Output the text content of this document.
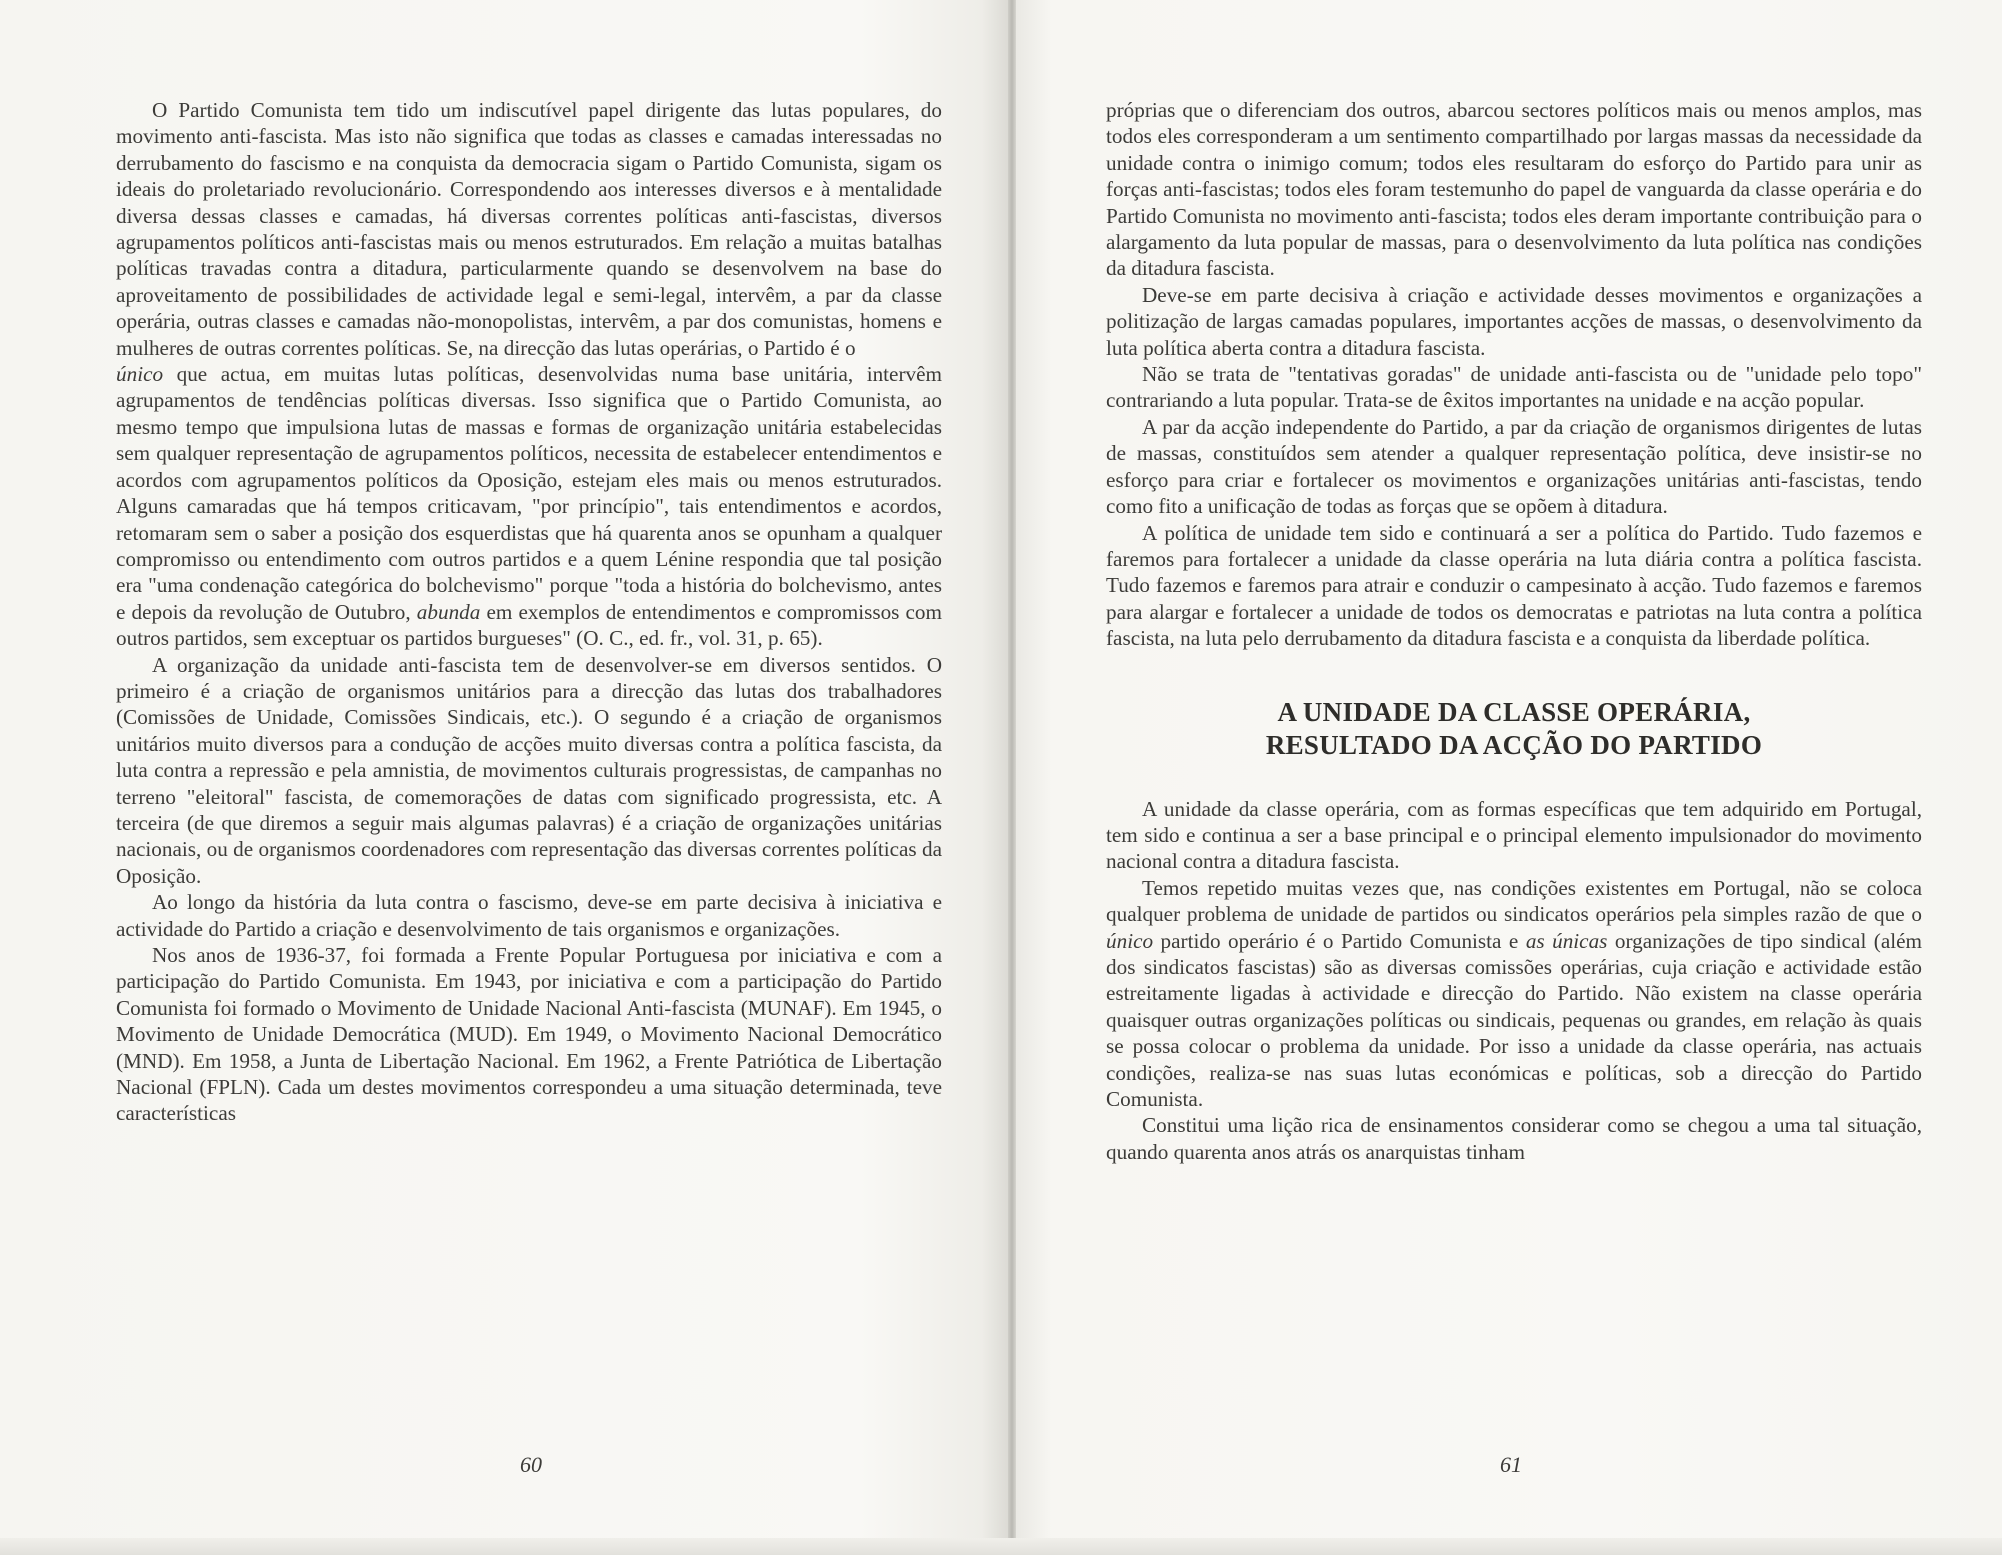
O Partido Comunista tem tido um indiscutível papel dirigente das lutas populares, do movimento anti-fascista. Mas isto não significa que todas as classes e camadas interessadas no derrubamento do fascismo e na conquista da democracia sigam o Partido Comunista, sigam os ideais do proletariado revolucionário. Correspondendo aos interesses diversos e à mentalidade diversa dessas classes e camadas, há diversas correntes políticas anti-fascistas, diversos agrupamentos políticos anti-fascistas mais ou menos estruturados. Em relação a muitas batalhas políticas travadas contra a ditadura, particularmente quando se desenvolvem na base do aproveitamento de possibilidades de actividade legal e semi-legal, intervêm, a par da classe operária, outras classes e camadas não-monopolistas, intervêm, a par dos comunistas, homens e mulheres de outras correntes políticas. Se, na direcção das lutas operárias, o Partido é o

único que actua, em muitas lutas políticas, desenvolvidas numa base unitária, intervêm agrupamentos de tendências políticas diversas. Isso significa que o Partido Comunista, ao mesmo tempo que impulsiona lutas de massas e formas de organização unitária estabelecidas sem qualquer representação de agrupamentos políticos, necessita de estabelecer entendimentos e acordos com agrupamentos políticos da Oposição, estejam eles mais ou menos estruturados. Alguns camaradas que há tempos criticavam, "por princípio", tais entendimentos e acordos, retomaram sem o saber a posição dos esquerdistas que há quarenta anos se opunham a qualquer compromisso ou entendimento com outros partidos e a quem Lénine respondia que tal posição era "uma condenação categórica do bolchevismo" porque "toda a história do bolchevismo, antes e depois da revolução de Outubro, abunda em exemplos de entendimentos e compromissos com outros partidos, sem exceptuar os partidos burgueses" (O. C., ed. fr., vol. 31, p. 65).

A organização da unidade anti-fascista tem de desenvolver-se em diversos sentidos. O primeiro é a criação de organismos unitários para a direcção das lutas dos trabalhadores (Comissões de Unidade, Comissões Sindicais, etc.). O segundo é a criação de organismos unitários muito diversos para a condução de acções muito diversas contra a política fascista, da luta contra a repressão e pela amnistia, de movimentos culturais progressistas, de campanhas no terreno "eleitoral" fascista, de comemorações de datas com significado progressista, etc. A terceira (de que diremos a seguir mais algumas palavras) é a criação de organizações unitárias nacionais, ou de organismos coordenadores com representação das diversas correntes políticas da Oposição.

Ao longo da história da luta contra o fascismo, deve-se em parte decisiva à iniciativa e actividade do Partido a criação e desenvolvimento de tais organismos e organizações.

Nos anos de 1936-37, foi formada a Frente Popular Portuguesa por iniciativa e com a participação do Partido Comunista. Em 1943, por iniciativa e com a participação do Partido Comunista foi formado o Movimento de Unidade Nacional Anti-fascista (MUNAF). Em 1945, o Movimento de Unidade Democrática (MUD). Em 1949, o Movimento Nacional Democrático (MND). Em 1958, a Junta de Libertação Nacional. Em 1962, a Frente Patriótica de Libertação Nacional (FPLN). Cada um destes movimentos correspondeu a uma situação determinada, teve características

60

próprias que o diferenciam dos outros, abarcou sectores políticos mais ou menos amplos, mas todos eles corresponderam a um sentimento compartilhado por largas massas da necessidade da unidade contra o inimigo comum; todos eles resultaram do esforço do Partido para unir as forças anti-fascistas; todos eles foram testemunho do papel de vanguarda da classe operária e do Partido Comunista no movimento anti-fascista; todos eles deram importante contribuição para o alargamento da luta popular de massas, para o desenvolvimento da luta política nas condições da ditadura fascista.

Deve-se em parte decisiva à criação e actividade desses movimentos e organizações a politização de largas camadas populares, importantes acções de massas, o desenvolvimento da luta política aberta contra a ditadura fascista.

Não se trata de "tentativas goradas" de unidade anti-fascista ou de "unidade pelo topo" contrariando a luta popular. Trata-se de êxitos importantes na unidade e na acção popular.

A par da acção independente do Partido, a par da criação de organismos dirigentes de lutas de massas, constituídos sem atender a qualquer representação política, deve insistir-se no esforço para criar e fortalecer os movimentos e organizações unitárias anti-fascistas, tendo como fito a unificação de todas as forças que se opõem à ditadura.

A política de unidade tem sido e continuará a ser a política do Partido. Tudo fazemos e faremos para fortalecer a unidade da classe operária na luta diária contra a política fascista. Tudo fazemos e faremos para atrair e conduzir o campesinato à acção. Tudo fazemos e faremos para alargar e fortalecer a unidade de todos os democratas e patriotas na luta contra a política fascista, na luta pelo derrubamento da ditadura fascista e a conquista da liberdade política.

A UNIDADE DA CLASSE OPERÁRIA,
RESULTADO DA ACÇÃO DO PARTIDO

A unidade da classe operária, com as formas específicas que tem adquirido em Portugal, tem sido e continua a ser a base principal e o principal elemento impulsionador do movimento nacional contra a ditadura fascista.

Temos repetido muitas vezes que, nas condições existentes em Portugal, não se coloca qualquer problema de unidade de partidos ou sindicatos operários pela simples razão de que o único partido operário é o Partido Comunista e as únicas organizações de tipo sindical (além dos sindicatos fascistas) são as diversas comissões operárias, cuja criação e actividade estão estreitamente ligadas à actividade e direcção do Partido. Não existem na classe operária quaisquer outras organizações políticas ou sindicais, pequenas ou grandes, em relação às quais se possa colocar o problema da unidade. Por isso a unidade da classe operária, nas actuais condições, realiza-se nas suas lutas económicas e políticas, sob a direcção do Partido Comunista.

Constitui uma lição rica de ensinamentos considerar como se chegou a uma tal situação, quando quarenta anos atrás os anarquistas tinham

61
